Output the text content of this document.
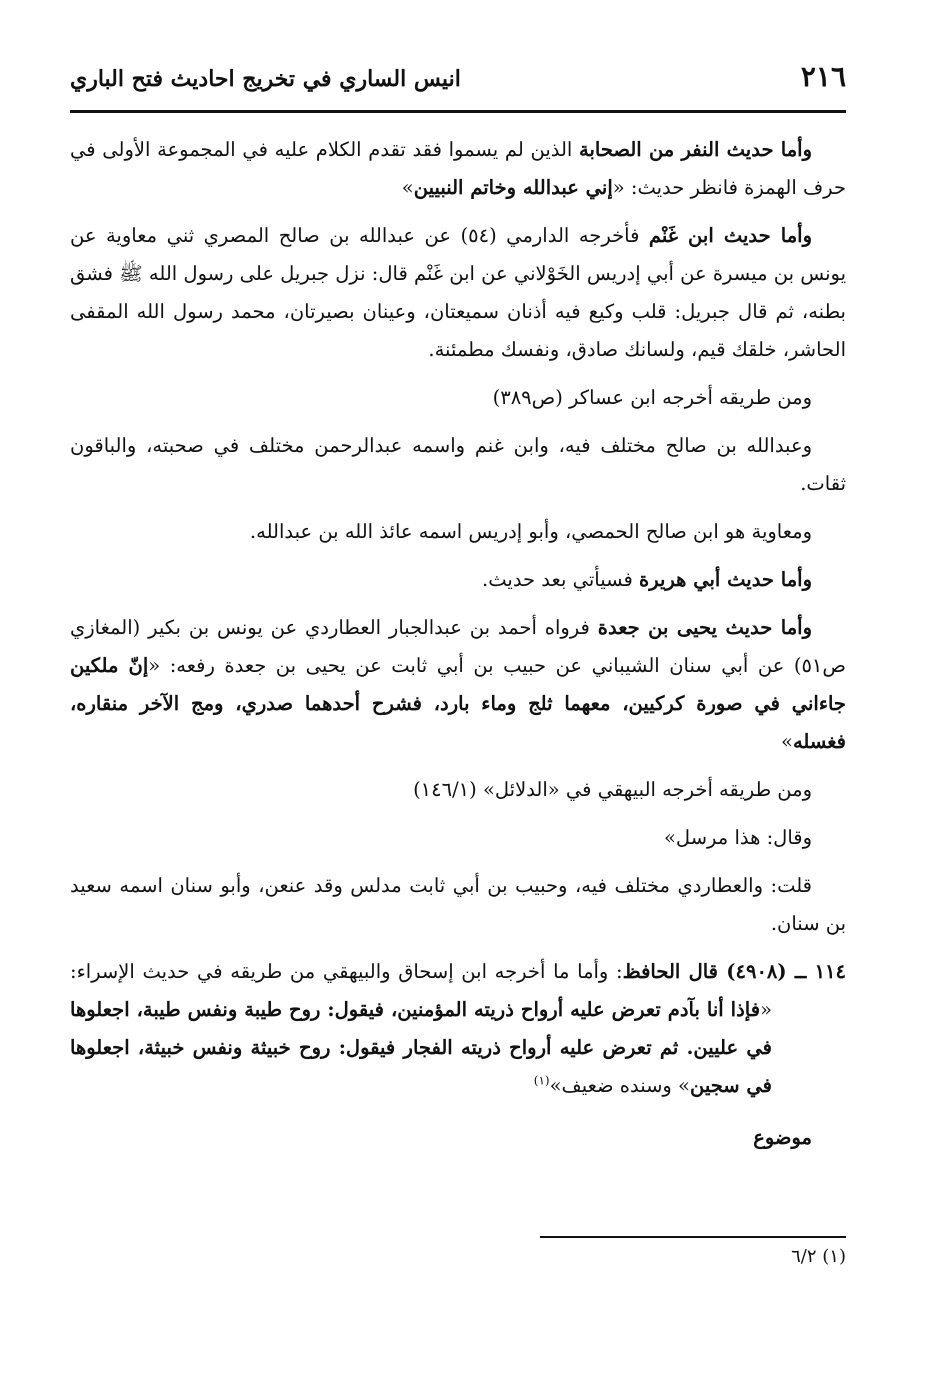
٢١٦
انيس الساري في تخريج احاديث فتح الباري

وأما حديث النفر من الصحابة الذين لم يسموا فقد تقدم الكلام عليه في المجموعة الأولى في حرف الهمزة فانظر حديث: «إني عبدالله وخاتم النبيين»

وأما حديث ابن غَنْم فأخرجه الدارمي (٥٤) عن عبدالله بن صالح المصري ثني معاوية عن يونس بن ميسرة عن أبي إدريس الخَوْلاني عن ابن غَنْم قال: نزل جبريل على رسول الله ﷺ فشق بطنه، ثم قال جبريل: قلب وكيع فيه أذنان سميعتان، وعينان بصيرتان، محمد رسول الله المقفى الحاشر، خلقك قيم، ولسانك صادق، ونفسك مطمئنة.

ومن طريقه أخرجه ابن عساكر (ص٣٨٩)

وعبدالله بن صالح مختلف فيه، وابن غنم واسمه عبدالرحمن مختلف في صحبته، والباقون ثقات.

ومعاوية هو ابن صالح الحمصي، وأبو إدريس اسمه عائذ الله بن عبدالله.

وأما حديث أبي هريرة فسيأتي بعد حديث.

وأما حديث يحيى بن جعدة فرواه أحمد بن عبدالجبار العطاردي عن يونس بن بكير (المغازي ص٥١) عن أبي سنان الشيباني عن حبيب بن أبي ثابت عن يحيى بن جعدة رفعه: «إنّ ملكين جاءاني في صورة كركيين، معهما ثلج وماء بارد، فشرح أحدهما صدري، ومج الآخر منقاره، فغسله»

ومن طريقه أخرجه البيهقي في «الدلائل» (١٤٦/١)

وقال: هذا مرسل»

قلت: والعطاردي مختلف فيه، وحبيب بن أبي ثابت مدلس وقد عنعن، وأبو سنان اسمه سعيد بن سنان.

١١٤ ــ (٤٩٠٨) قال الحافظ: وأما ما أخرجه ابن إسحاق والبيهقي من طريقه في حديث الإسراء: «فإذا أنا بآدم تعرض عليه أرواح ذريته المؤمنين، فيقول: روح طيبة ونفس طيبة، اجعلوها في عليين. ثم تعرض عليه أرواح ذريته الفجار فيقول: روح خبيثة ونفس خبيثة، اجعلوها في سجين» وسنده ضعيف»$^{(١)}$

موضوع

(١) ٦/٢
